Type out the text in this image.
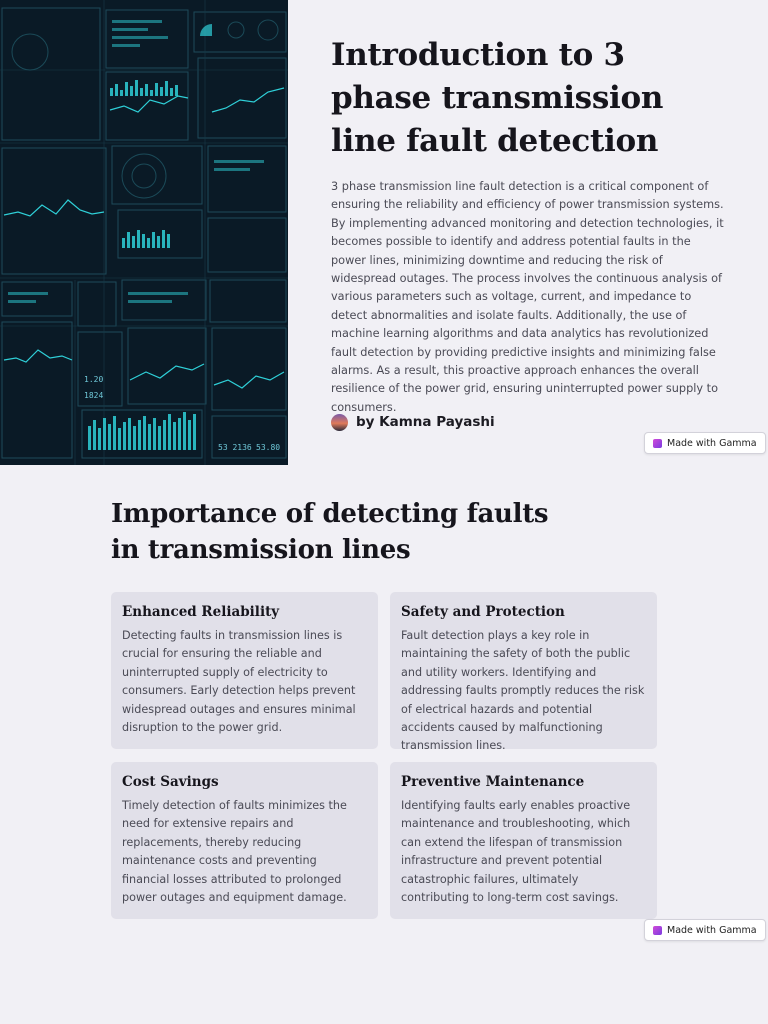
1.20
1824
53 2136 53.80
Introduction to 3 phase transmission line fault detection

3 phase transmission line fault detection is a critical component of ensuring the reliability and efficiency of power transmission systems. By implementing advanced monitoring and detection technologies, it becomes possible to identify and address potential faults in the power lines, minimizing downtime and reducing the risk of widespread outages. The process involves the continuous analysis of various parameters such as voltage, current, and impedance to detect abnormalities and isolate faults. Additionally, the use of machine learning algorithms and data analytics has revolutionized fault detection by providing predictive insights and minimizing false alarms. As a result, this proactive approach enhances the overall resilience of the power grid, ensuring uninterrupted power supply to consumers.

by Kamna Payashi
Made with Gamma
Importance of detecting faults in transmission lines
Enhanced Reliability

Detecting faults in transmission lines is crucial for ensuring the reliable and uninterrupted supply of electricity to consumers. Early detection helps prevent widespread outages and ensures minimal disruption to the power grid.

Safety and Protection

Fault detection plays a key role in maintaining the safety of both the public and utility workers. Identifying and addressing faults promptly reduces the risk of electrical hazards and potential accidents caused by malfunctioning transmission lines.

Cost Savings

Timely detection of faults minimizes the need for extensive repairs and replacements, thereby reducing maintenance costs and preventing financial losses attributed to prolonged power outages and equipment damage.

Preventive Maintenance

Identifying faults early enables proactive maintenance and troubleshooting, which can extend the lifespan of transmission infrastructure and prevent potential catastrophic failures, ultimately contributing to long-term cost savings.

Made with Gamma
